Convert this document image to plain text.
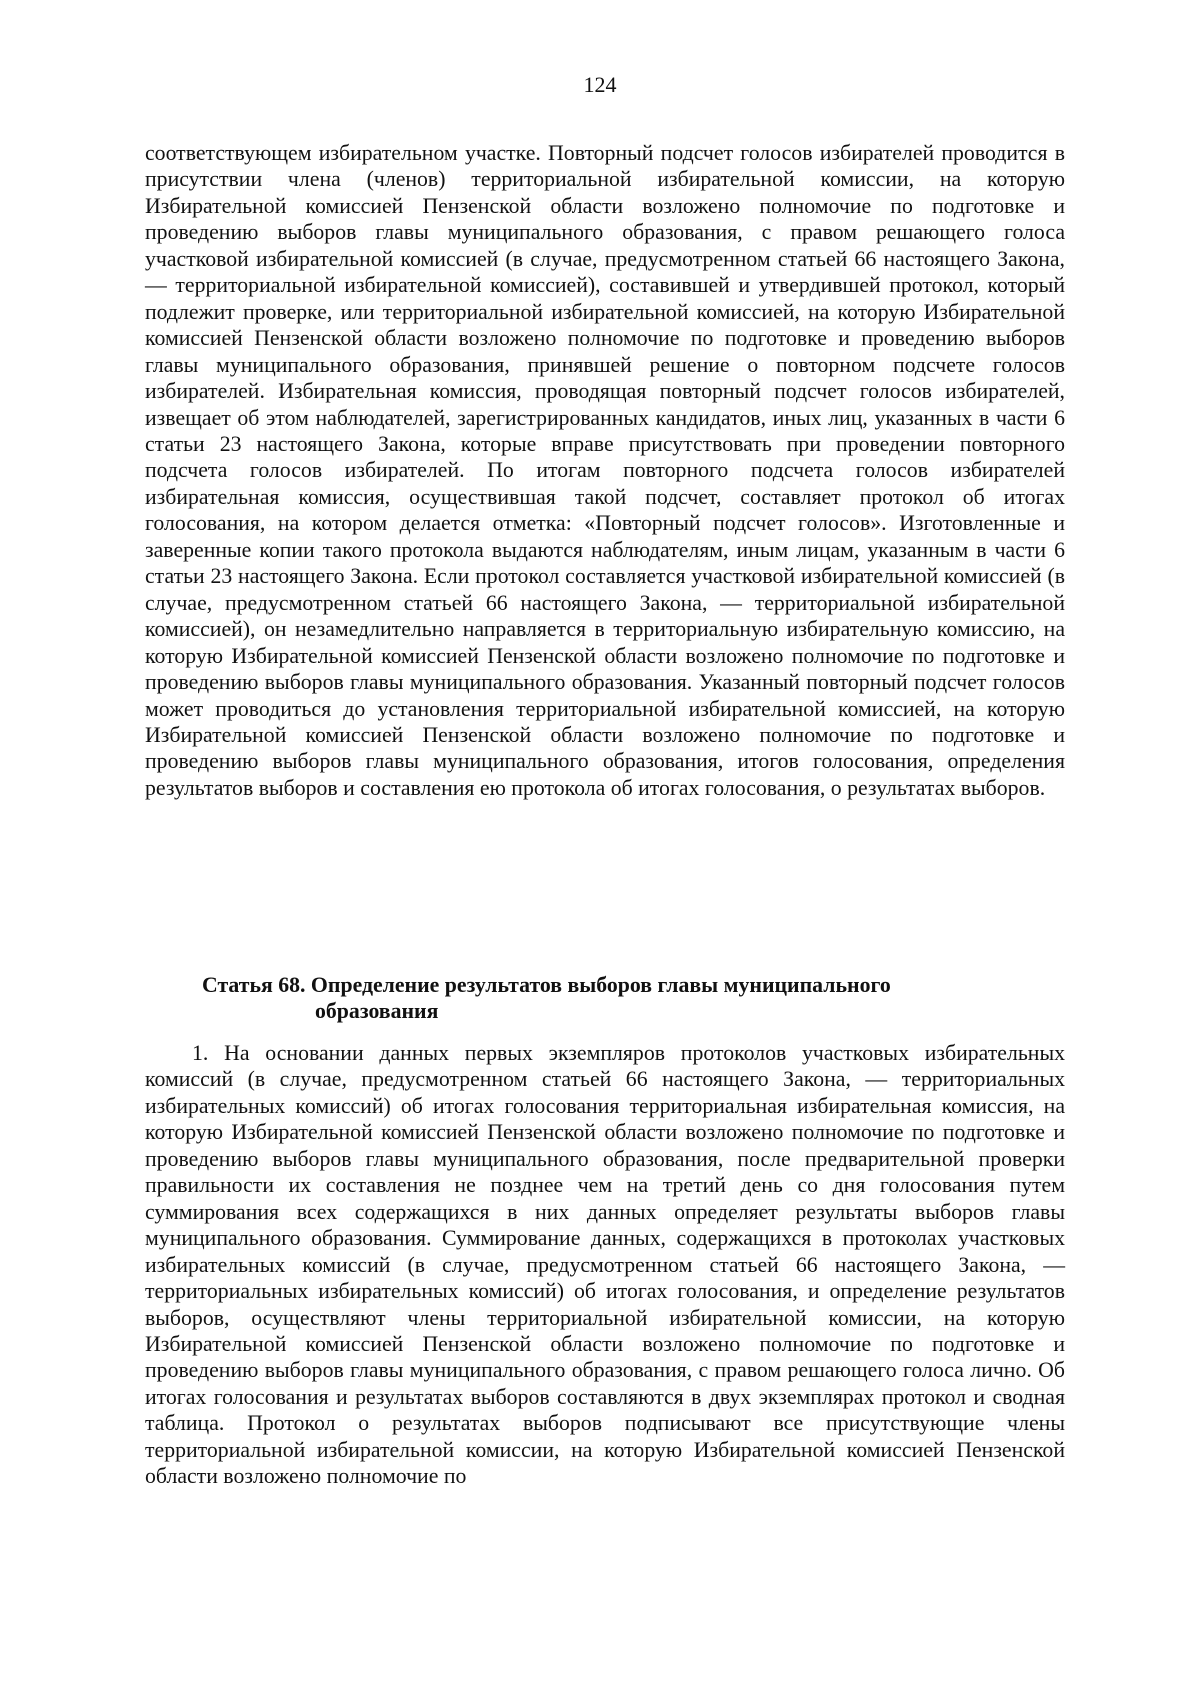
124

соответствующем избирательном участке. Повторный подсчет голосов избирателей проводится в присутствии члена (членов) территориальной избирательной комиссии, на которую Избирательной комиссией Пензенской области возложено полномочие по подготовке и проведению выборов главы муниципального образования, с правом решающего голоса участковой избирательной комиссией (в случае, предусмотренном статьей 66 настоящего Закона, — территориальной избирательной комиссией), составившей и утвердившей протокол, который подлежит проверке, или территориальной избирательной комиссией, на которую Избирательной комиссией Пензенской области возложено полномочие по подготовке и проведению выборов главы муниципального образования, принявшей решение о повторном подсчете голосов избирателей. Избирательная комиссия, проводящая повторный подсчет голосов избирателей, извещает об этом наблюдателей, зарегистрированных кандидатов, иных лиц, указанных в части 6 статьи 23 настоящего Закона, которые вправе присутствовать при проведении повторного подсчета голосов избирателей. По итогам повторного подсчета голосов избирателей избирательная комиссия, осуществившая такой подсчет, составляет протокол об итогах голосования, на котором делается отметка: «Повторный подсчет голосов». Изготовленные и заверенные копии такого протокола выдаются наблюдателям, иным лицам, указанным в части 6 статьи 23 настоящего Закона. Если протокол составляется участковой избирательной комиссией (в случае, предусмотренном статьей 66 настоящего Закона, — территориальной избирательной комиссией), он незамедлительно направляется в территориальную избирательную комиссию, на которую Избирательной комиссией Пензенской области возложено полномочие по подготовке и проведению выборов главы муниципального образования. Указанный повторный подсчет голосов может проводиться до установления территориальной избирательной комиссией, на которую Избирательной комиссией Пензенской области возложено полномочие по подготовке и проведению выборов главы муниципального образования, итогов голосования, определения результатов выборов и составления ею протокола об итогах голосования, о результатах выборов.

Статья 68. Определение результатов выборов главы муниципального
образования

1. На основании данных первых экземпляров протоколов участковых избирательных комиссий (в случае, предусмотренном статьей 66 настоящего Закона, — территориальных избирательных комиссий) об итогах голосования территориальная избирательная комиссия, на которую Избирательной комиссией Пензенской области возложено полномочие по подготовке и проведению выборов главы муниципального образования, после предварительной проверки правильности их составления не позднее чем на третий день со дня голосования путем суммирования всех содержащихся в них данных определяет результаты выборов главы муниципального образования. Суммирование данных, содержащихся в протоколах участковых избирательных комиссий (в случае, предусмотренном статьей 66 настоящего Закона, — территориальных избирательных комиссий) об итогах голосования, и определение результатов выборов, осуществляют члены территориальной избирательной комиссии, на которую Избирательной комиссией Пензенской области возложено полномочие по подготовке и проведению выборов главы муниципального образования, с правом решающего голоса лично. Об итогах голосования и результатах выборов составляются в двух экземплярах протокол и сводная таблица. Протокол о результатах выборов подписывают все присутствующие члены территориальной избирательной комиссии, на которую Избирательной комиссией Пензенской области возложено полномочие по
